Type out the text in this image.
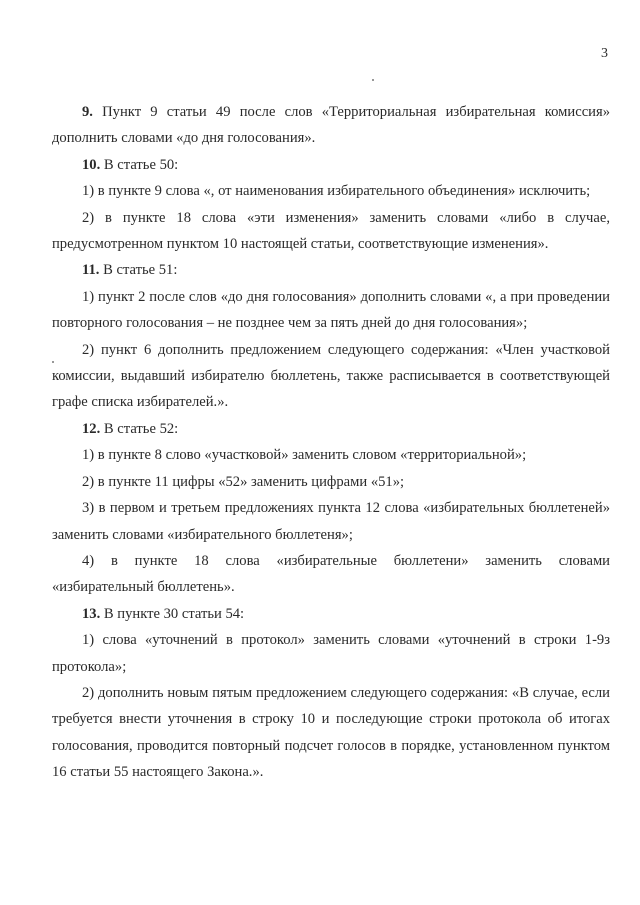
3

9. Пункт 9 статьи 49 после слов «Территориальная избирательная комиссия» дополнить словами «до дня голосования».

10. В статье 50:

1) в пункте 9 слова «, от наименования избирательного объединения» исключить;

2) в пункте 18 слова «эти изменения» заменить словами «либо в случае, предусмотренном пунктом 10 настоящей статьи, соответствующие изменения».

11. В статье 51:

1) пункт 2 после слов «до дня голосования» дополнить словами «, а при проведении повторного голосования – не позднее чем за пять дней до дня голосования»;

2) пункт 6 дополнить предложением следующего содержания: «Член участковой комиссии, выдавший избирателю бюллетень, также расписывается в соответствующей графе списка избирателей.».

12. В статье 52:

1) в пункте 8 слово «участковой» заменить словом «территориальной»;

2) в пункте 11 цифры «52» заменить цифрами «51»;

3) в первом и третьем предложениях пункта 12 слова «избирательных бюллетеней» заменить словами «избирательного бюллетеня»;

4) в пункте 18 слова «избирательные бюллетени» заменить словами «избирательный бюллетень».

13. В пункте 30 статьи 54:

1) слова «уточнений в протокол» заменить словами «уточнений в строки 1-9з протокола»;

2) дополнить новым пятым предложением следующего содержания: «В случае, если требуется внести уточнения в строку 10 и последующие строки протокола об итогах голосования, проводится повторный подсчет голосов в порядке, установленном пунктом 16 статьи 55 настоящего Закона.».
